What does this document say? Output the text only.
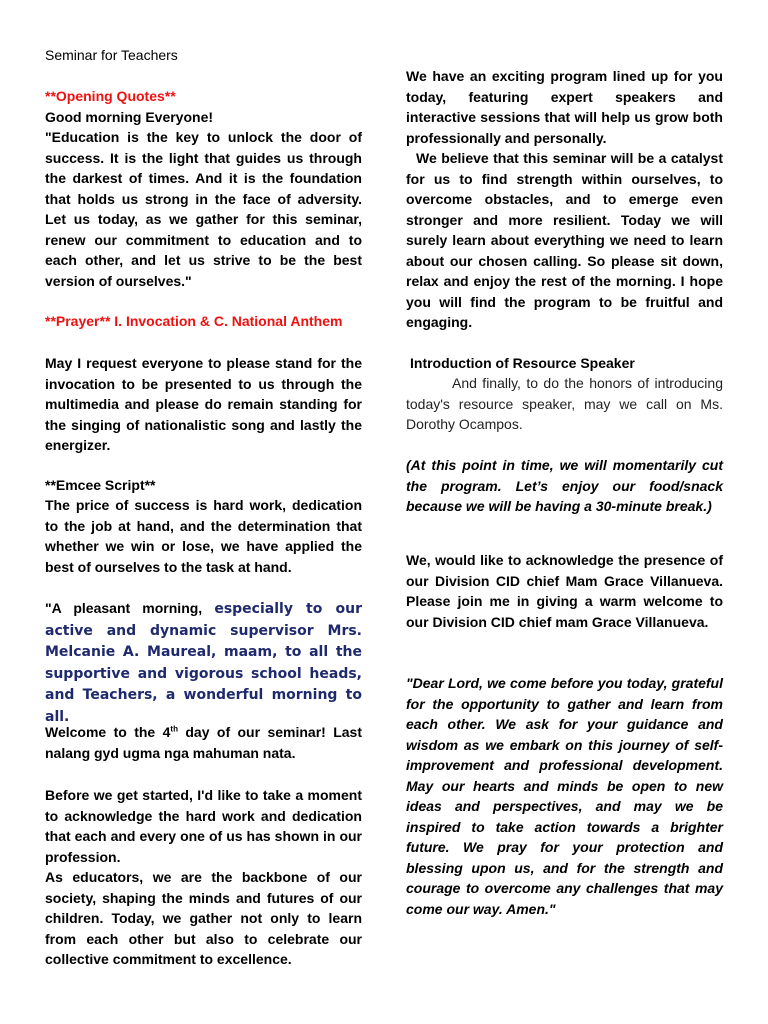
Seminar for Teachers

**Opening Quotes**

Good morning Everyone!

"Education is the key to unlock the door of success. It is the light that guides us through the darkest of times. And it is the foundation that holds us strong in the face of adversity. Let us today, as we gather for this seminar, renew our commitment to education and to each other, and let us strive to be the best version of ourselves."

**Prayer** I. Invocation & C. National Anthem

May I request everyone to please stand for the invocation to be presented to us through the multimedia and please do remain standing for the singing of nationalistic song and lastly the energizer.

**Emcee Script**

The price of success is hard work, dedication to the job at hand, and the determination that whether we win or lose, we have applied the best of ourselves to the task at hand.

"A pleasant morning, especially to our active and dynamic supervisor Mrs. Melcanie A. Maureal, maam, to all the supportive and vigorous school heads, and Teachers, a wonderful morning to all.

Welcome to the 4th day of our seminar! Last nalang gyd ugma nga mahuman nata.

Before we get started, I'd like to take a moment to acknowledge the hard work and dedication that each and every one of us has shown in our profession.

As educators, we are the backbone of our society, shaping the minds and futures of our children. Today, we gather not only to learn from each other but also to celebrate our collective commitment to excellence.

We have an exciting program lined up for you today, featuring expert speakers and interactive sessions that will help us grow both professionally and personally.

We believe that this seminar will be a catalyst for us to find strength within ourselves, to overcome obstacles, and to emerge even stronger and more resilient. Today we will surely learn about everything we need to learn about our chosen calling. So please sit down, relax and enjoy the rest of the morning. I hope you will find the program to be fruitful and engaging.

Introduction of Resource Speaker

And finally, to do the honors of introducing today's resource speaker, may we call on Ms. Dorothy Ocampos.

(At this point in time, we will momentarily cut the program. Let’s enjoy our food/snack because we will be having a 30-minute break.)

We, would like to acknowledge the presence of our Division CID chief Mam Grace Villanueva. Please join me in giving a warm welcome to our Division CID chief mam Grace Villanueva.

"Dear Lord, we come before you today, grateful for the opportunity to gather and learn from each other. We ask for your guidance and wisdom as we embark on this journey of self-improvement and professional development. May our hearts and minds be open to new ideas and perspectives, and may we be inspired to take action towards a brighter future. We pray for your protection and blessing upon us, and for the strength and courage to overcome any challenges that may come our way. Amen."
